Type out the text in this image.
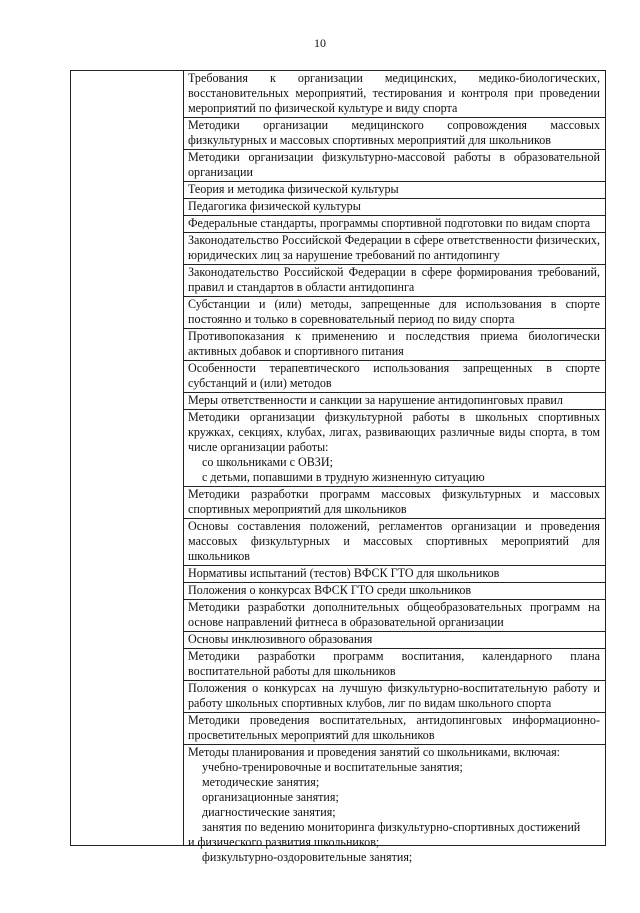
10
Требования к организации медицинских, медико-биологических, восстановительных мероприятий, тестирования и контроля при проведении мероприятий по физической культуре и виду спорта
Методики организации медицинского сопровождения массовых физкультурных и массовых спортивных мероприятий для школьников
Методики организации физкультурно-массовой работы в образовательной организации
Теория и методика физической культуры
Педагогика физической культуры
Федеральные стандарты, программы спортивной подготовки по видам спорта
Законодательство Российской Федерации в сфере ответственности физических, юридических лиц за нарушение требований по антидопингу
Законодательство Российской Федерации в сфере формирования требований, правил и стандартов в области антидопинга
Субстанции и (или) методы, запрещенные для использования в спорте постоянно и только в соревновательный период по виду спорта
Противопоказания к применению и последствия приема биологически активных добавок и спортивного питания
Особенности терапевтического использования запрещенных в спорте субстанций и (или) методов
Меры ответственности и санкции за нарушение антидопинговых правил
Методики организации физкультурной работы в школьных спортивных кружках, секциях, клубах, лигах, развивающих различные виды спорта, в том числе организации работы:
со школьниками с ОВЗИ;
с детьми, попавшими в трудную жизненную ситуацию
Методики разработки программ массовых физкультурных и массовых спортивных мероприятий для школьников
Основы составления положений, регламентов организации и проведения массовых физкультурных и массовых спортивных мероприятий для школьников
Нормативы испытаний (тестов) ВФСК ГТО для школьников
Положения о конкурсах ВФСК ГТО среди школьников
Методики разработки дополнительных общеобразовательных программ на основе направлений фитнеса в образовательной организации
Основы инклюзивного образования
Методики разработки программ воспитания, календарного плана воспитательной работы для школьников
Положения о конкурсах на лучшую физкультурно-воспитательную работу и работу школьных спортивных клубов, лиг по видам школьного спорта
Методики проведения воспитательных, антидопинговых информационно-просветительных мероприятий для школьников
Методы планирования и проведения занятий со школьниками, включая:
учебно-тренировочные и воспитательные занятия;
методические занятия;
организационные занятия;
диагностические занятия;
занятия по ведению мониторинга физкультурно-спортивных достижений
и физического развития школьников;
физкультурно-оздоровительные занятия;
